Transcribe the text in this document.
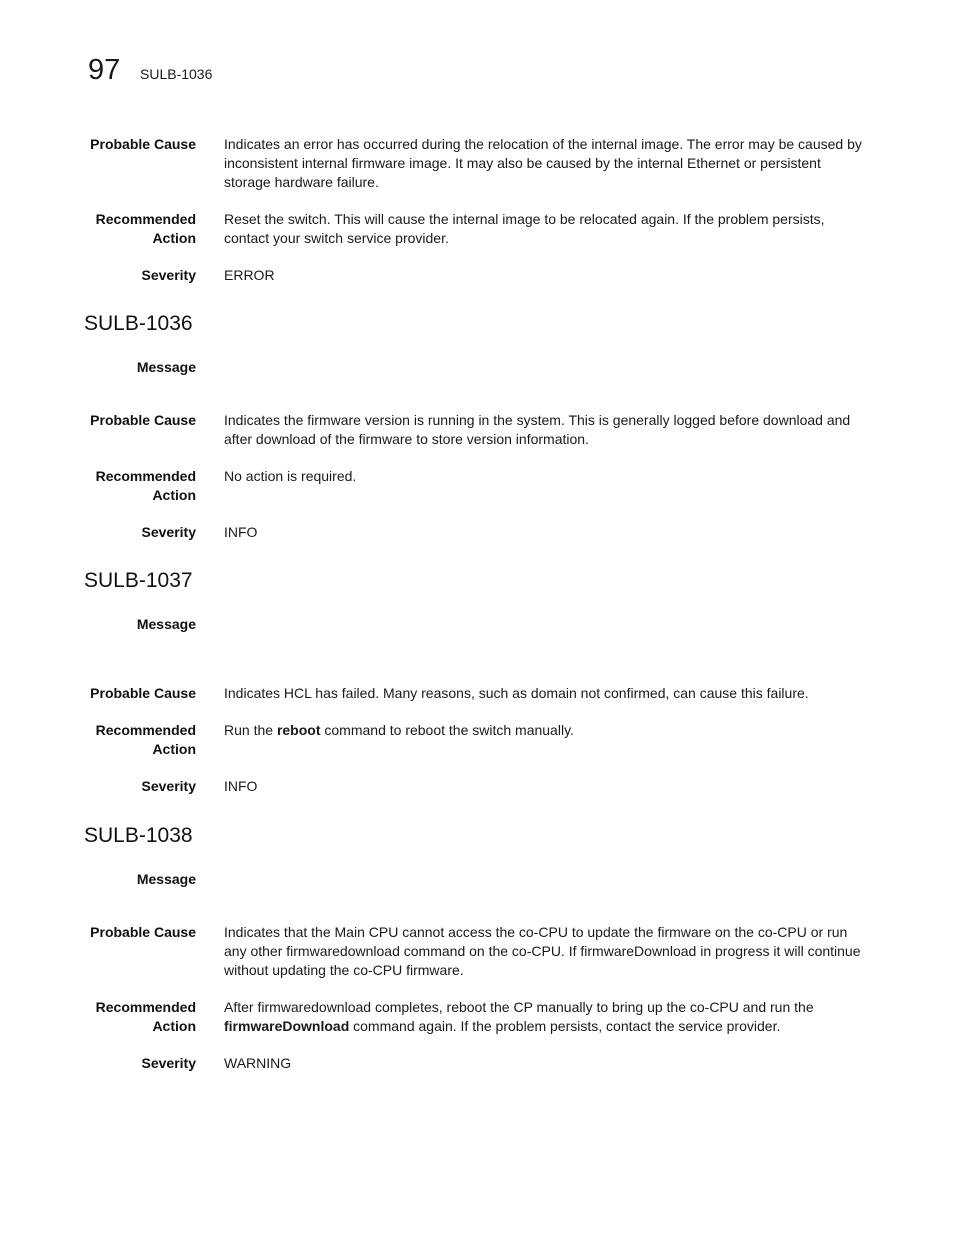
97 SULB-1036
Probable Cause Indicates an error has occurred during the relocation of the internal image. The error may be caused by inconsistent internal firmware image. It may also be caused by the internal Ethernet or persistent storage hardware failure.
Recommended
Action
Reset the switch. This will cause the internal image to be relocated again. If the problem persists, contact your switch service provider.
Severity ERROR
SULB-1036
Message
Probable Cause Indicates the firmware version is running in the system. This is generally logged before download and after download of the firmware to store version information.
Recommended
Action
No action is required.
Severity INFO
SULB-1037
Message
Probable Cause Indicates HCL has failed. Many reasons, such as domain not confirmed, can cause this failure.
Recommended
Action
Run the reboot command to reboot the switch manually.
Severity INFO
SULB-1038
Message
Probable Cause Indicates that the Main CPU cannot access the co-CPU to update the firmware on the co-CPU or run any other firmwaredownload command on the co-CPU. If firmwareDownload in progress it will continue without updating the co-CPU firmware.
Recommended
Action
After firmwaredownload completes, reboot the CP manually to bring up the co-CPU and run the firmwareDownload command again. If the problem persists, contact the service provider.
Severity WARNING
